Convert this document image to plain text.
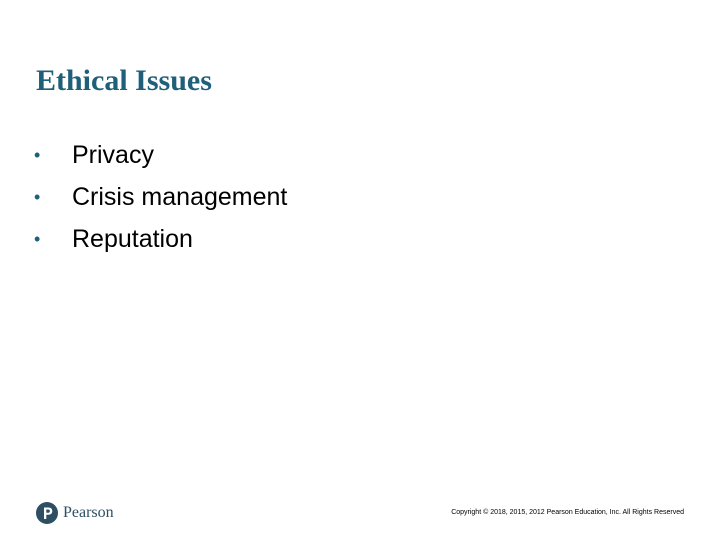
Ethical Issues
•	Privacy
•	Crisis management
•	Reputation
Pearson	Copyright © 2018, 2015, 2012 Pearson Education, Inc. All Rights Reserved
